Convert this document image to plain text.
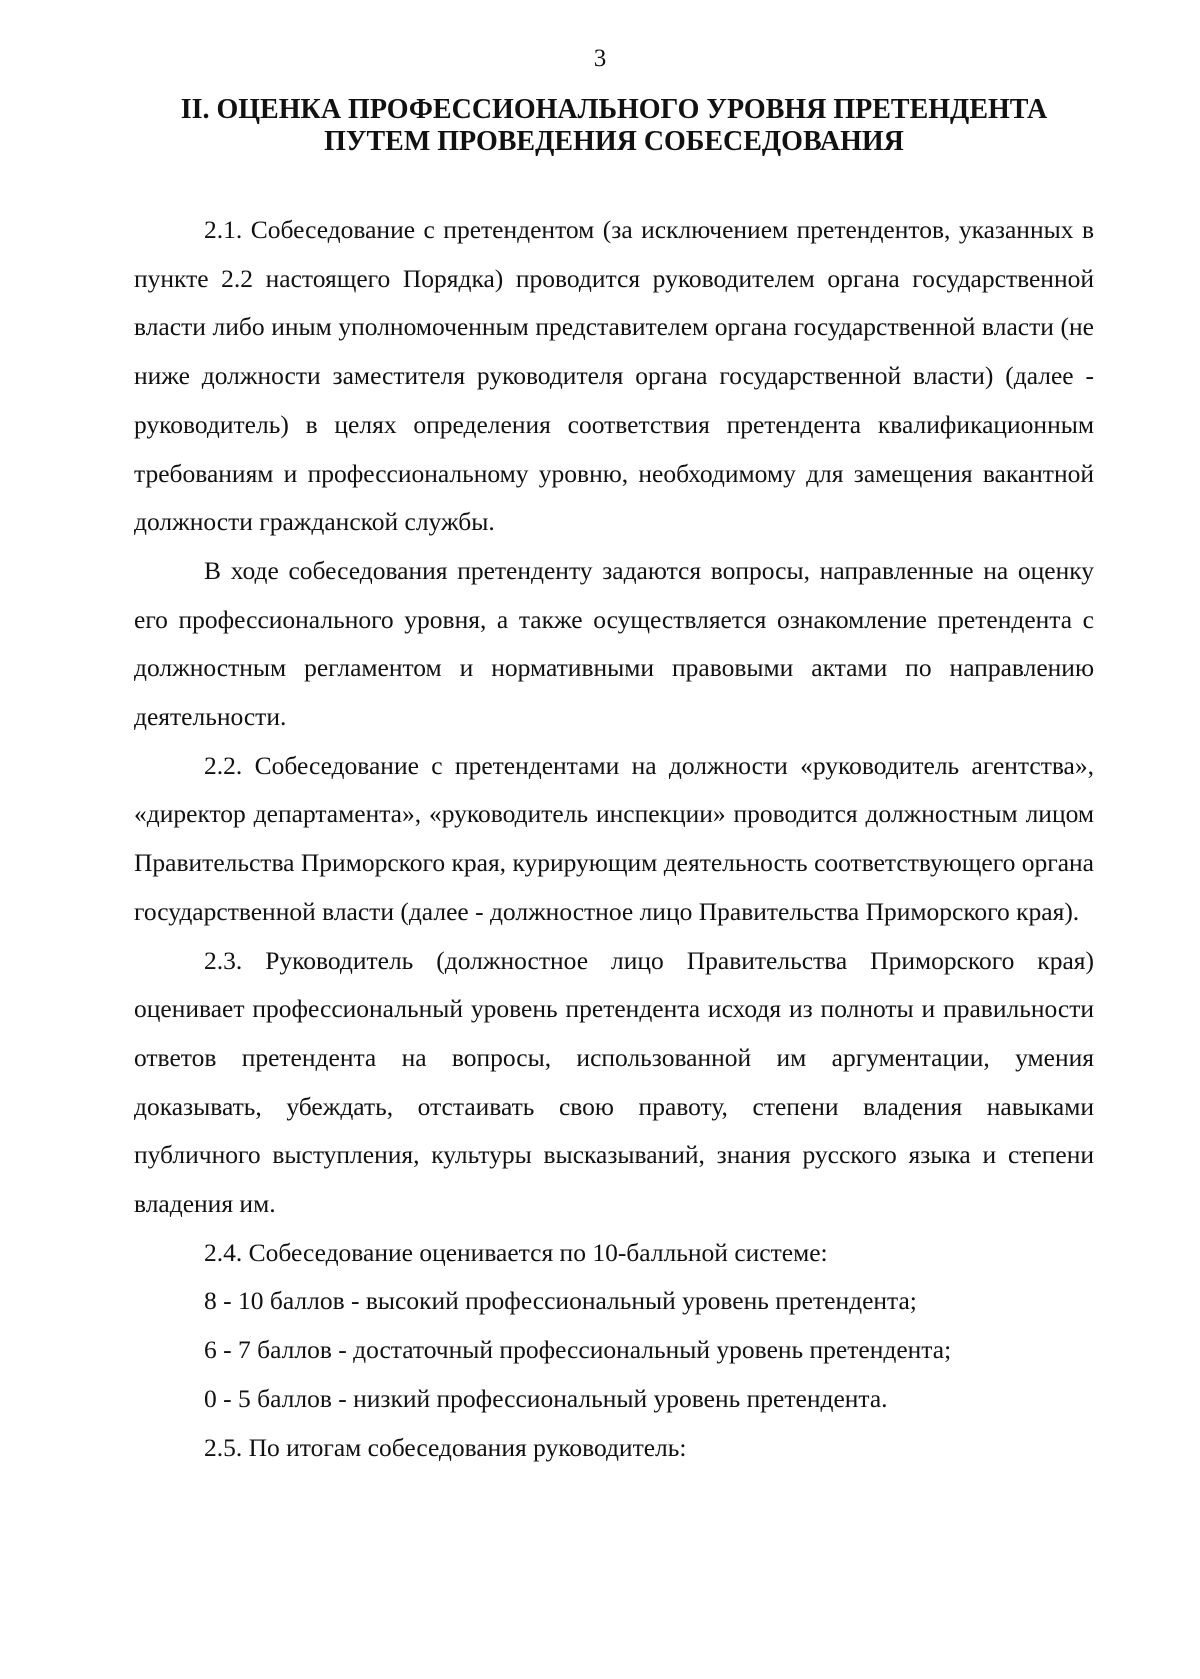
3
II. ОЦЕНКА ПРОФЕССИОНАЛЬНОГО УРОВНЯ ПРЕТЕНДЕНТА
ПУТЕМ ПРОВЕДЕНИЯ СОБЕСЕДОВАНИЯ

2.1. Собеседование с претендентом (за исключением претендентов, указанных в пункте 2.2 настоящего Порядка) проводится руководителем органа государственной власти либо иным уполномоченным представителем органа государственной власти (не ниже должности заместителя руководителя органа государственной власти) (далее - руководитель) в целях определения соответствия претендента квалификационным требованиям и профессиональному уровню, необходимому для замещения вакантной должности гражданской службы.

В ходе собеседования претенденту задаются вопросы, направленные на оценку его профессионального уровня, а также осуществляется ознакомление претендента с должностным регламентом и нормативными правовыми актами по направлению деятельности.

2.2. Собеседование с претендентами на должности «руководитель агентства», «директор департамента», «руководитель инспекции» проводится должностным лицом Правительства Приморского края, курирующим деятельность соответствующего органа государственной власти (далее - должностное лицо Правительства Приморского края).

2.3. Руководитель (должностное лицо Правительства Приморского края) оценивает профессиональный уровень претендента исходя из полноты и правильности ответов претендента на вопросы, использованной им аргументации, умения доказывать, убеждать, отстаивать свою правоту, степени владения навыками публичного выступления, культуры высказываний, знания русского языка и степени владения им.

2.4. Собеседование оценивается по 10-балльной системе:

8 - 10 баллов - высокий профессиональный уровень претендента;

6 - 7 баллов - достаточный профессиональный уровень претендента;

0 - 5 баллов - низкий профессиональный уровень претендента.

2.5. По итогам собеседования руководитель:
